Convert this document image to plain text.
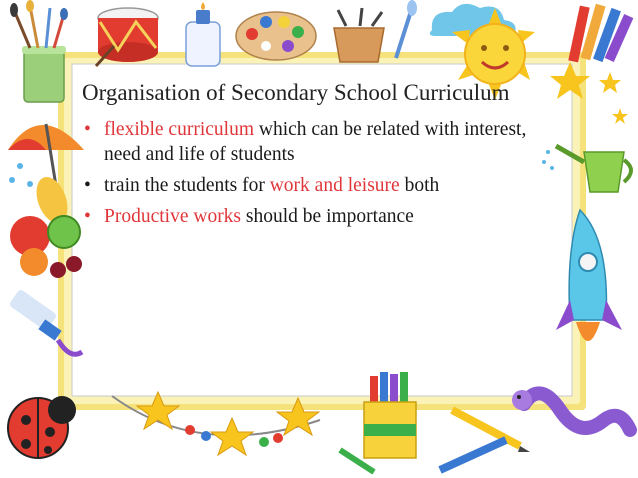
Organisation of Secondary School Curriculum
• flexible curriculum which can be related with interest, need and life of students
• train the students for work and leisure both
• Productive works should be importance
